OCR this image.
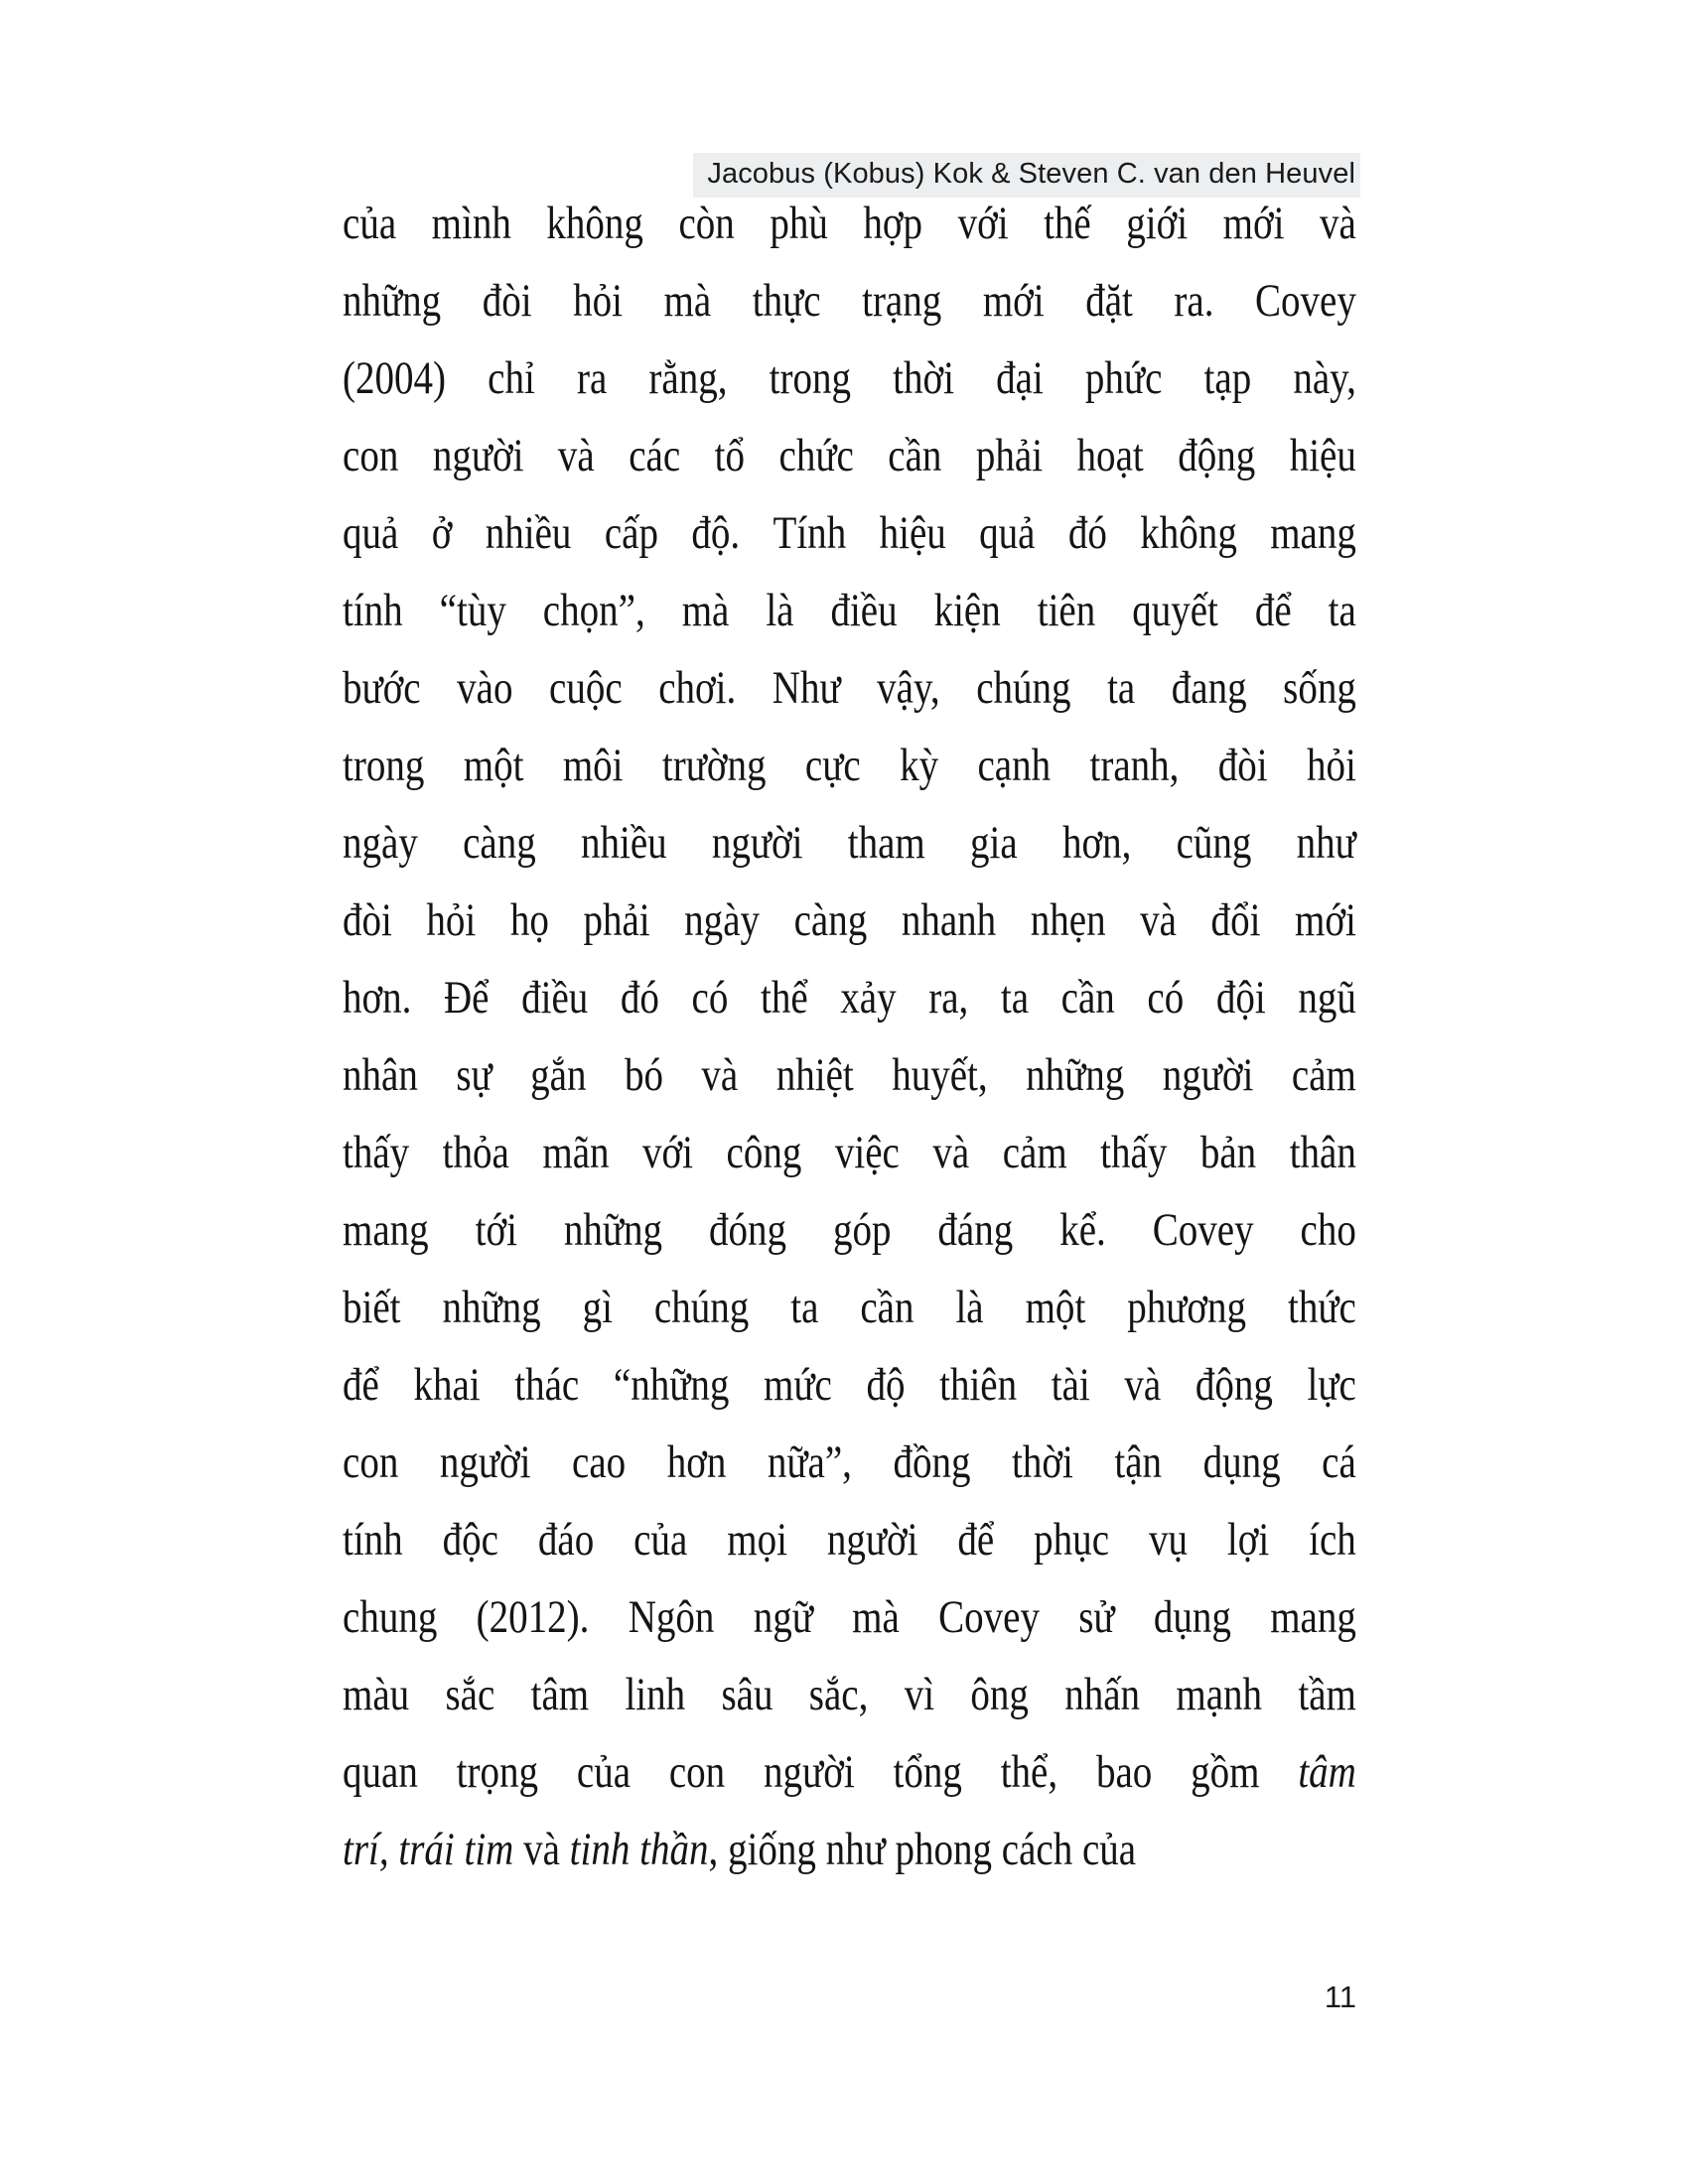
Jacobus (Kobus) Kok & Steven C. van den Heuvel
của mình không còn phù hợp với thế giới mới và
những đòi hỏi mà thực trạng mới đặt ra. Covey
(2004) chỉ ra rằng, trong thời đại phức tạp này,
con người và các tổ chức cần phải hoạt động hiệu
quả ở nhiều cấp độ. Tính hiệu quả đó không mang
tính “tùy chọn”, mà là điều kiện tiên quyết để ta
bước vào cuộc chơi. Như vậy, chúng ta đang sống
trong một môi trường cực kỳ cạnh tranh, đòi hỏi
ngày càng nhiều người tham gia hơn, cũng như
đòi hỏi họ phải ngày càng nhanh nhẹn và đổi mới
hơn. Để điều đó có thể xảy ra, ta cần có đội ngũ
nhân sự gắn bó và nhiệt huyết, những người cảm
thấy thỏa mãn với công việc và cảm thấy bản thân
mang tới những đóng góp đáng kể. Covey cho
biết những gì chúng ta cần là một phương thức
để khai thác “những mức độ thiên tài và động lực
con người cao hơn nữa”, đồng thời tận dụng cá
tính độc đáo của mọi người để phục vụ lợi ích
chung (2012). Ngôn ngữ mà Covey sử dụng mang
màu sắc tâm linh sâu sắc, vì ông nhấn mạnh tầm
quan trọng của con người tổng thể, bao gồm tâm
trí, trái tim và tinh thần, giống như phong cách của
11
